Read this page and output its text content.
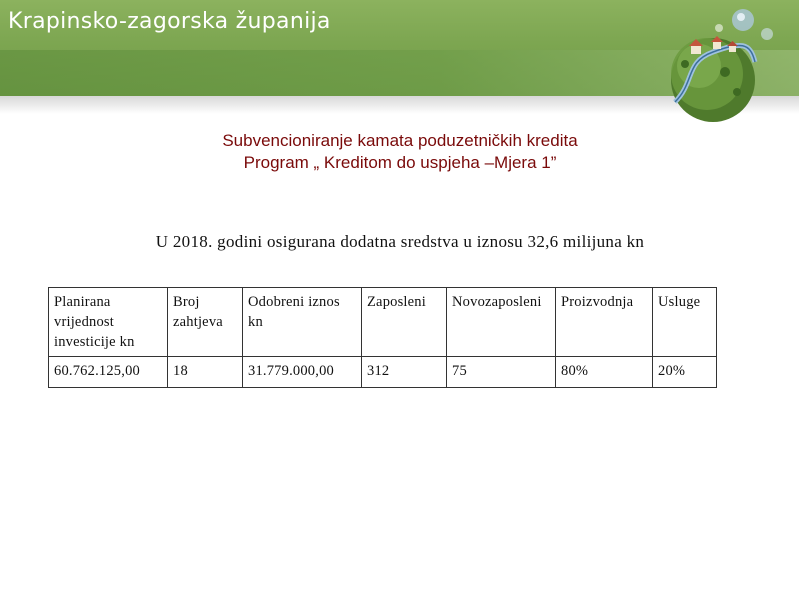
Krapinsko-zagorska županija
Subvencioniranje kamata poduzetničkih kredita
Program „ Kreditom do uspjeha –Mjera 1”
U 2018. godini osigurana dodatna sredstva u iznosu 32,6 milijuna kn
Planirana vrijednost investicije kn	Broj zahtjeva	Odobreni iznos kn	Zaposleni	Novozaposleni	Proizvodnja	Usluge
60.762.125,00	18	31.779.000,00	312	75	80%	20%
